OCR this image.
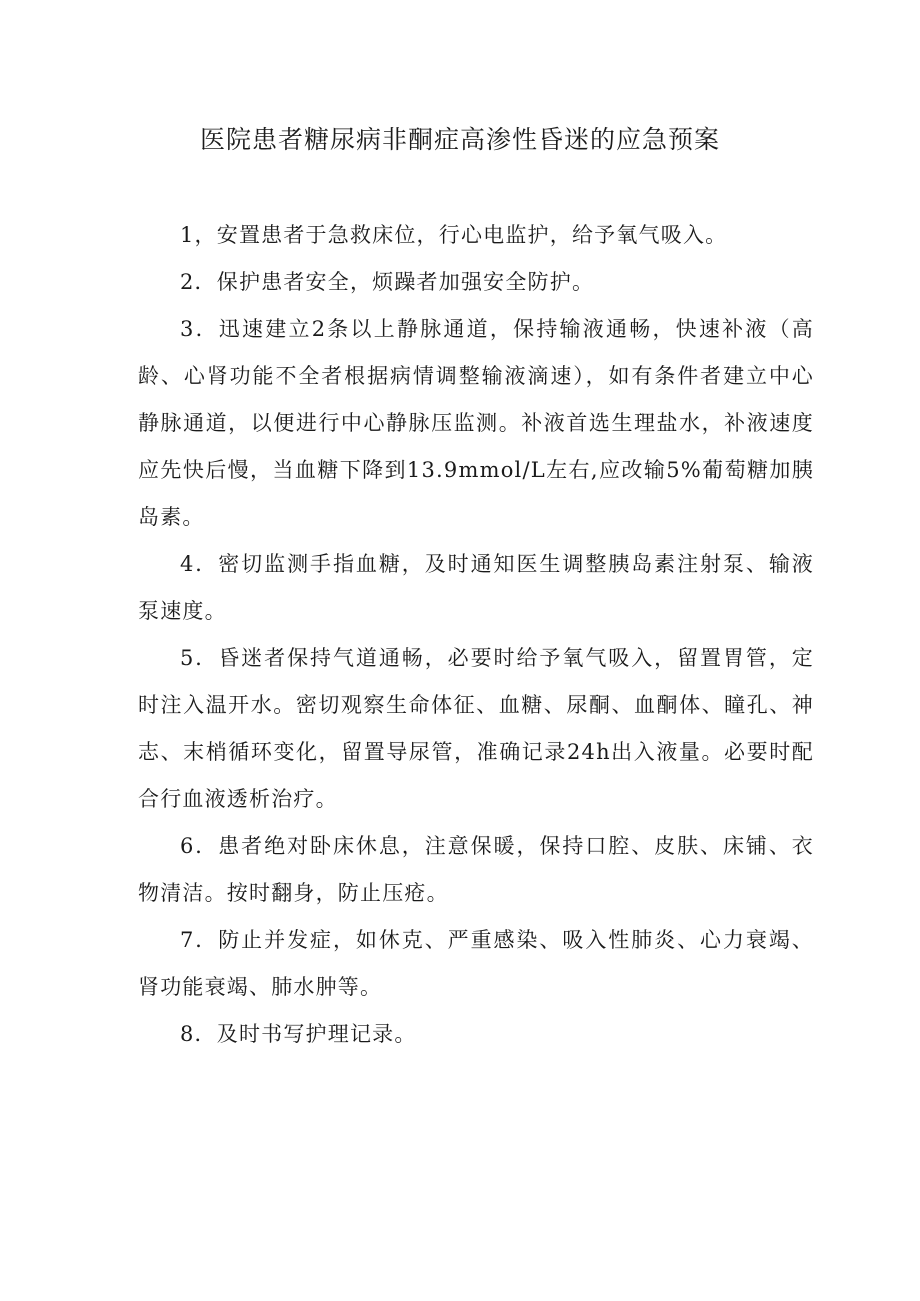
医院患者糖尿病非酮症高渗性昏迷的应急预案

1，安置患者于急救床位，行心电监护，给予氧气吸入。

2．保护患者安全，烦躁者加强安全防护。

3．迅速建立2条以上静脉通道，保持输液通畅，快速补液（高龄、心肾功能不全者根据病情调整输液滴速），如有条件者建立中心静脉通道，以便进行中心静脉压监测。补液首选生理盐水，补液速度应先快后慢，当血糖下降到13.9mmol/L左右,应改输5%葡萄糖加胰岛素。

4．密切监测手指血糖，及时通知医生调整胰岛素注射泵、输液泵速度。

5．昏迷者保持气道通畅，必要时给予氧气吸入，留置胃管，定时注入温开水。密切观察生命体征、血糖、尿酮、血酮体、瞳孔、神志、末梢循环变化，留置导尿管，准确记录24h出入液量。必要时配合行血液透析治疗。

6．患者绝对卧床休息，注意保暖，保持口腔、皮肤、床铺、衣物清洁。按时翻身，防止压疮。

7．防止并发症，如休克、严重感染、吸入性肺炎、心力衰竭、肾功能衰竭、肺水肿等。

8．及时书写护理记录。
